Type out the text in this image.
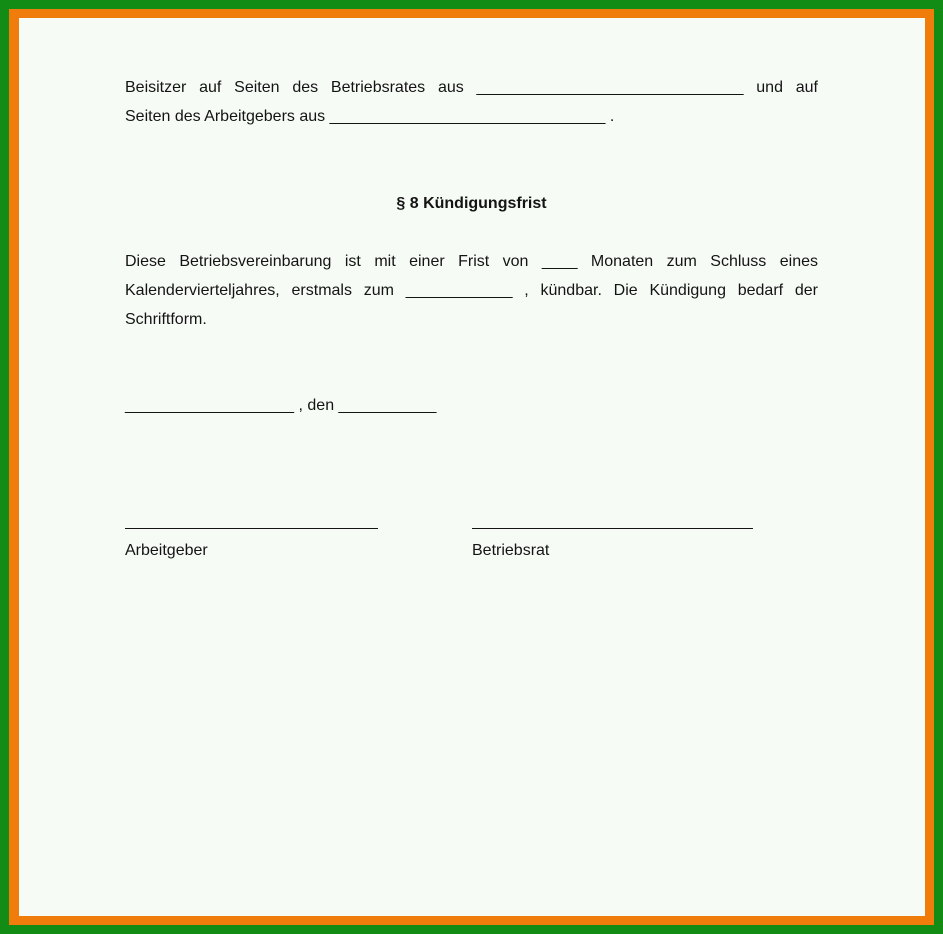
Beisitzer auf Seiten des Betriebsrates aus ______________________________ und auf
Seiten des Arbeitgebers aus _______________________________ .
§ 8 Kündigungsfrist
Diese Betriebsvereinbarung ist mit einer Frist von ____ Monaten zum Schluss eines
Kalendervierteljahres, erstmals zum ____________ , kündbar. Die Kündigung bedarf der
Schriftform.
___________________ , den ___________
Arbeitgeber	Betriebsrat
